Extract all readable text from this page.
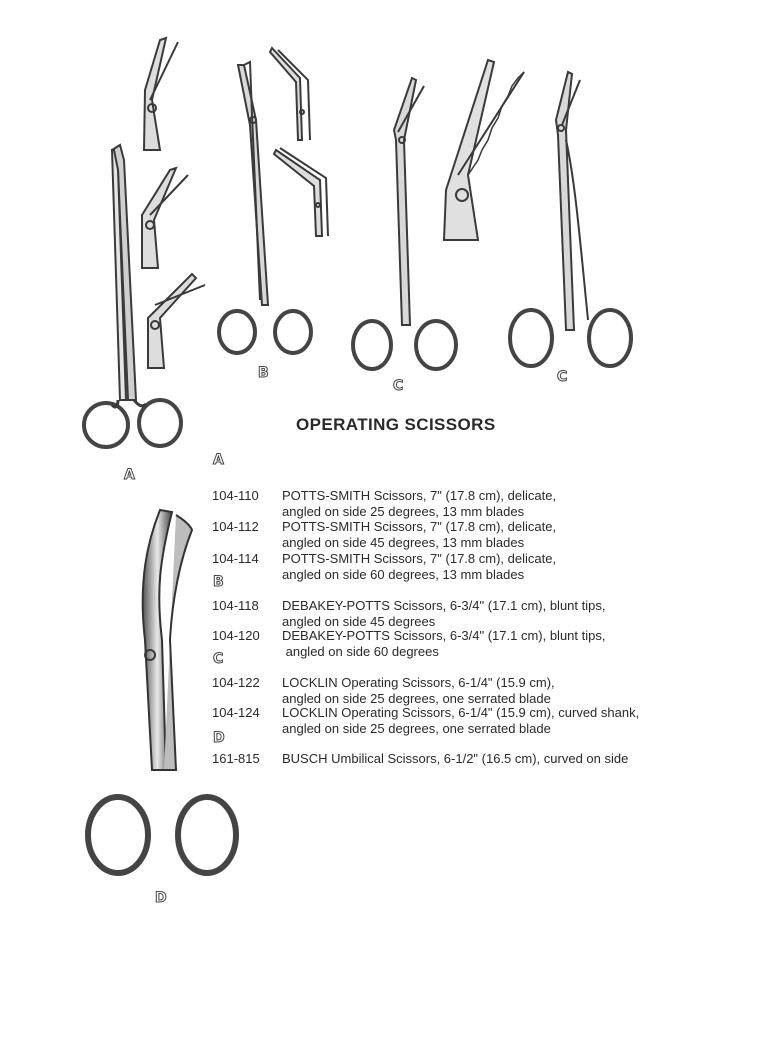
A
B
C
C
D
OPERATING SCISSORS
A
104-110 POTTS-SMITH Scissors, 7" (17.8 cm), delicate,
angled on side 25 degrees, 13 mm blades
104-112 POTTS-SMITH Scissors, 7" (17.8 cm), delicate,
angled on side 45 degrees, 13 mm blades
104-114 POTTS-SMITH Scissors, 7" (17.8 cm), delicate,
angled on side 60 degrees, 13 mm blades
B
104-118 DEBAKEY-POTTS Scissors, 6-3/4" (17.1 cm), blunt tips,
angled on side 45 degrees
104-120 DEBAKEY-POTTS Scissors, 6-3/4" (17.1 cm), blunt tips,
angled on side 60 degrees
C
104-122 LOCKLIN Operating Scissors, 6-1/4" (15.9 cm),
angled on side 25 degrees, one serrated blade
104-124 LOCKLIN Operating Scissors, 6-1/4" (15.9 cm), curved shank,
angled on side 25 degrees, one serrated blade
D
161-815 BUSCH Umbilical Scissors, 6-1/2" (16.5 cm), curved on side
